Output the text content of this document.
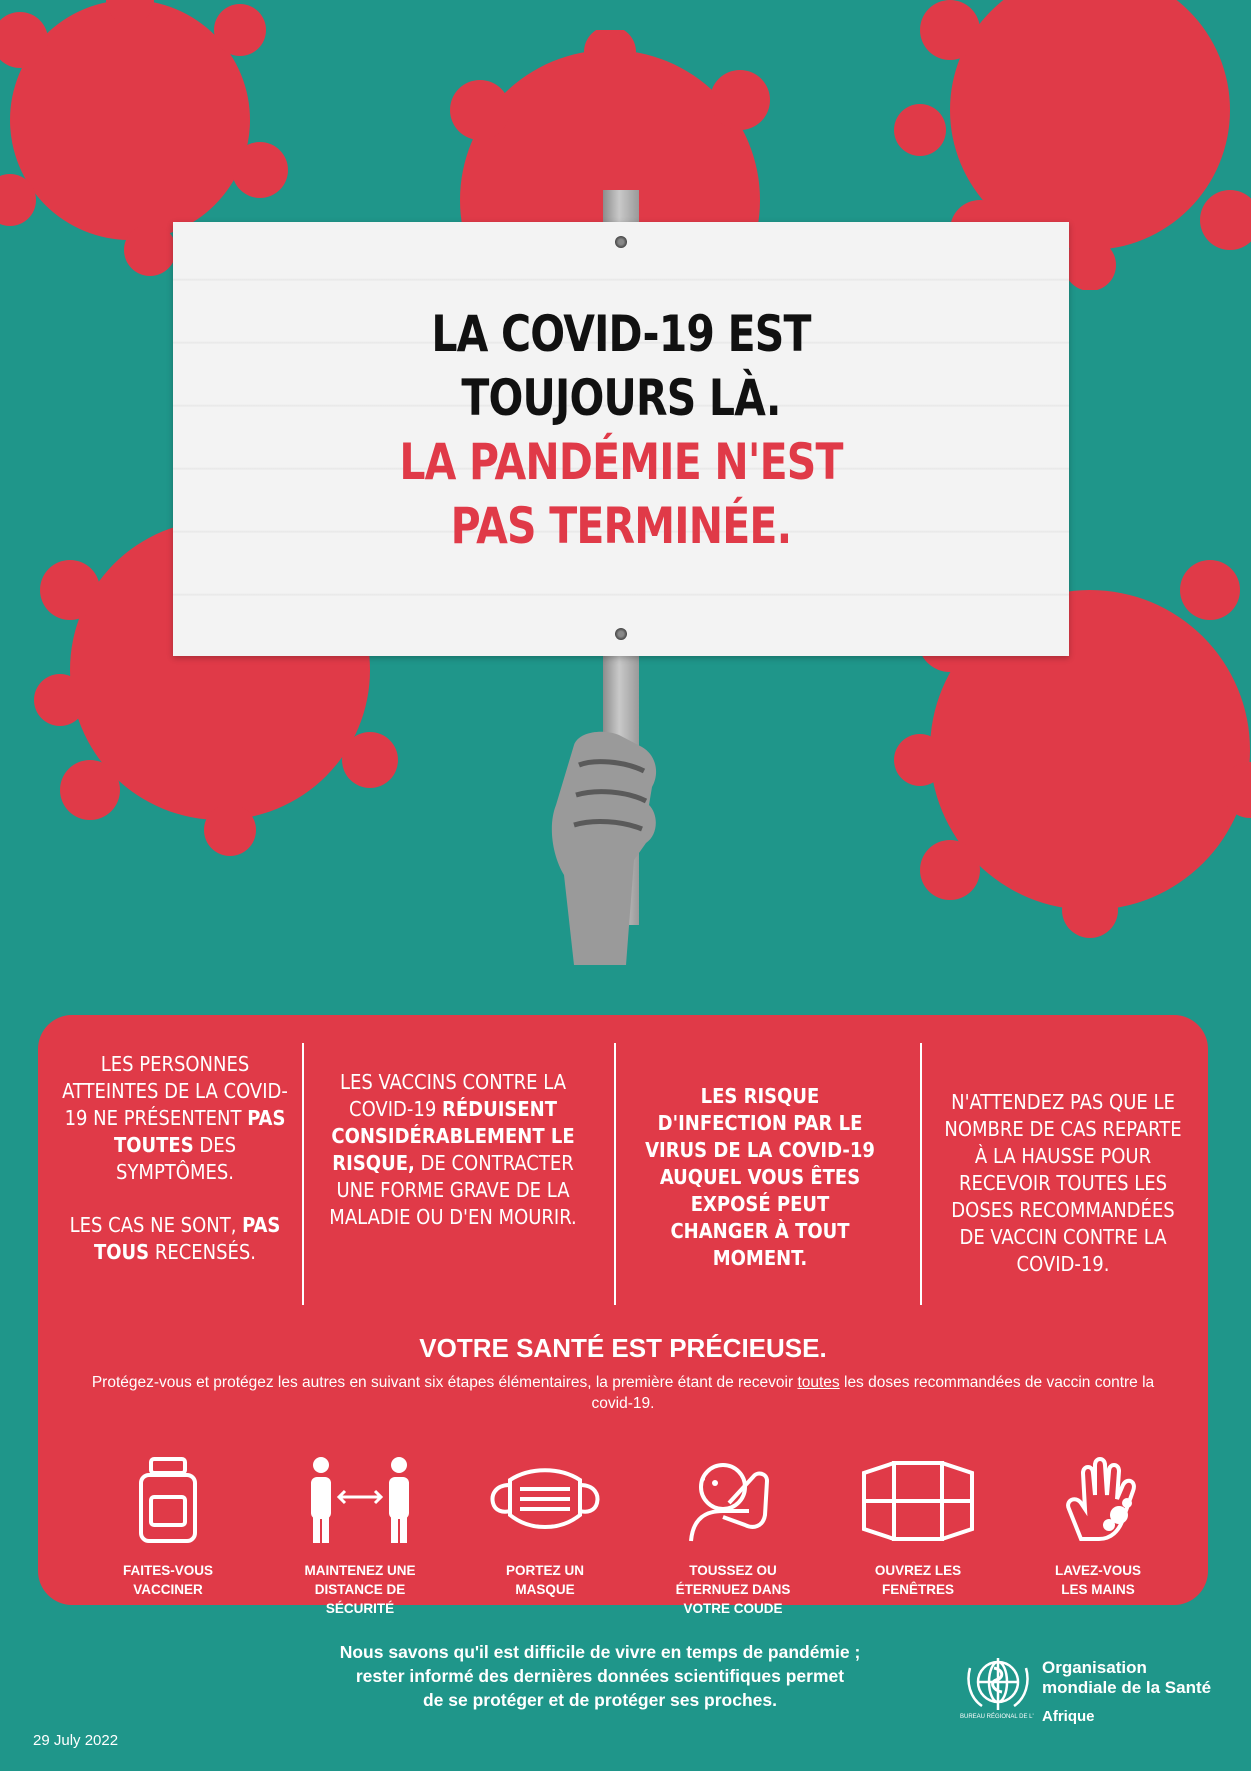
LA COVID-19 EST
TOUJOURS LÀ.
LA PANDÉMIE N'EST
PAS TERMINÉE.
LES PERSONNES ATTEINTES DE LA COVID-19 NE PRÉSENTENT PAS TOUTES DES SYMPTÔMES.
LES CAS NE SONT, PAS TOUS RECENSÉS.
LES VACCINS CONTRE LA COVID-19 RÉDUISENT CONSIDÉRABLEMENT LE RISQUE, DE CONTRACTER UNE FORME GRAVE DE LA MALADIE OU D'EN MOURIR.
LES RISQUE D'INFECTION PAR LE VIRUS DE LA COVID-19 AUQUEL VOUS ÊTES EXPOSÉ PEUT CHANGER À TOUT MOMENT.
N'ATTENDEZ PAS QUE LE NOMBRE DE CAS REPARTE À LA HAUSSE POUR RECEVOIR TOUTES LES DOSES RECOMMANDÉES DE VACCIN CONTRE LA COVID-19.
VOTRE SANTÉ EST PRÉCIEUSE.
Protégez-vous et protégez les autres en suivant six étapes élémentaires, la première étant de recevoir toutes les doses recommandées de vaccin contre la covid-19.
FAITES-VOUS
VACCINER
MAINTENEZ UNE
DISTANCE DE
SÉCURITÉ
PORTEZ UN
MASQUE
TOUSSEZ OU
ÉTERNUEZ DANS
VOTRE COUDE
OUVREZ LES
FENÊTRES
LAVEZ-VOUS
LES MAINS
Nous savons qu'il est difficile de vivre en temps de pandémie ;
rester informé des dernières données scientifiques permet
de se protéger et de protéger ses proches.
29 July 2022
Organisation
mondiale de la Santé
BUREAU RÉGIONAL DE L' Afrique
